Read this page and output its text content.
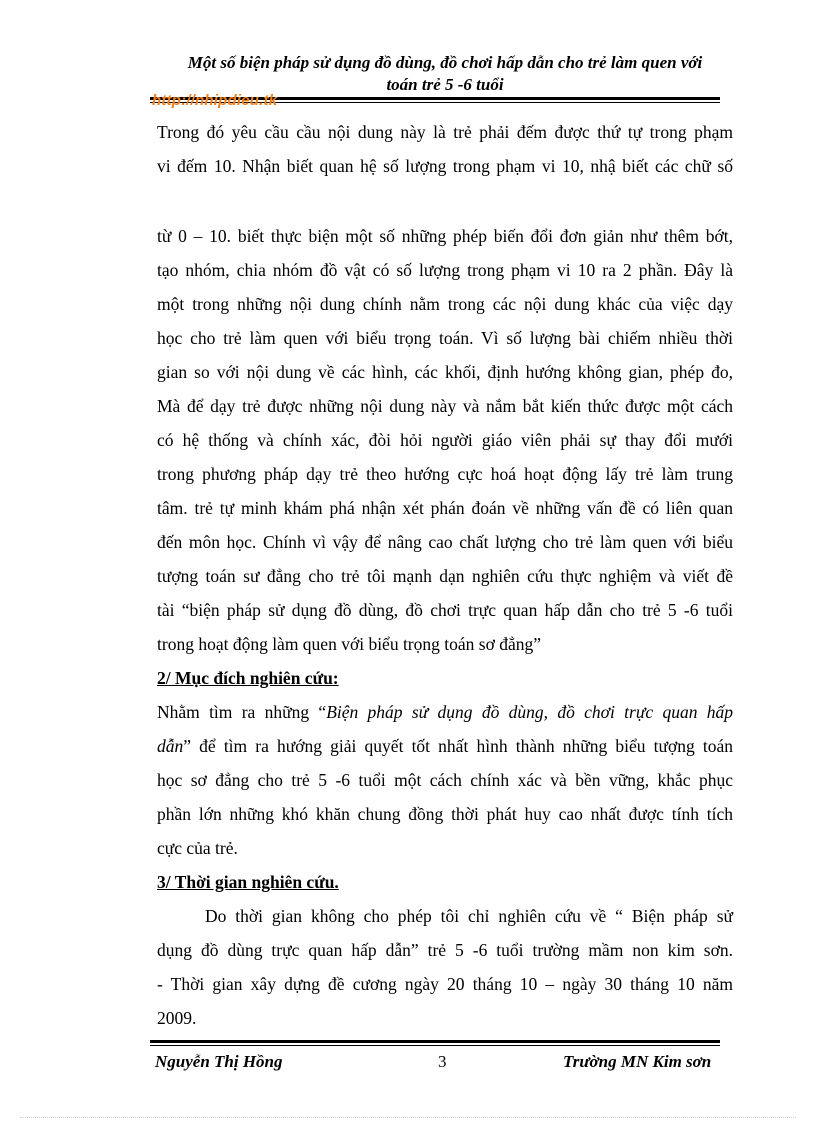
Một số biện pháp sử dụng đồ dùng, đồ chơi hấp dẫn cho trẻ làm quen với
toán trẻ 5 -6 tuổi
http://nhipdieu.tk
Trong đó yêu cầu cầu nội dung này là trẻ phải đếm được thứ tự trong phạm
vi đếm 10. Nhận biết quan hệ số lượng trong phạm vi 10, nhậ biết các chữ số
từ 0 – 10. biết thực biện một số những phép biến đổi đơn giản như thêm bớt,
tạo nhóm, chia nhóm đồ vật có số lượng trong phạm vi 10 ra 2 phần. Đây là
một trong những nội dung chính nằm trong các nội dung khác của việc dạy
học cho trẻ làm quen với biểu trọng toán. Vì số lượng bài chiếm nhiều thời
gian so với nội dung về các hình, các khối, định hướng không gian, phép đo,
Mà để dạy trẻ được những nội dung này và nắm bắt kiến thức được một cách
có hệ thống và chính xác, đòi hỏi người giáo viên phải sự thay đổi mưới
trong phương pháp dạy trẻ theo hướng cực hoá hoạt động lấy trẻ làm trung
tâm. trẻ tự minh khám phá nhận xét phán đoán về những vấn đề có liên quan
đến môn học. Chính vì vậy để nâng cao chất lượng cho trẻ làm quen với biểu
tượng toán sư đẳng cho trẻ tôi mạnh dạn nghiên cứu thực nghiệm và viết đề
tài “biện pháp sử dụng đồ dùng, đồ chơi trực quan hấp dẫn cho trẻ 5 -6 tuổi
trong hoạt động làm quen với biểu trọng toán sơ đẳng”
2/ Mục đích nghiên cứu:
Nhằm tìm ra những “Biện pháp sử dụng đồ dùng, đồ chơi trực quan hấp
dẫn” để tìm ra hướng giải quyết tốt nhất hình thành những biểu tượng toán
học sơ đẳng cho trẻ 5 -6 tuổi một cách chính xác và bền vững, khắc phục
phần lớn những khó khăn chung đồng thời phát huy cao nhất được tính tích
cực của trẻ.
3/ Thời gian nghiên cứu.
Do thời gian không cho phép tôi chỉ nghiên cứu về “ Biện pháp sử
dụng đồ dùng trực quan hấp dẫn” trẻ 5 -6 tuổi trường mầm non kim sơn.
- Thời gian xây dựng đề cương ngày 20 tháng 10 – ngày 30 tháng 10 năm
2009.
Nguyễn Thị Hồng	3	Trường MN Kim sơn
